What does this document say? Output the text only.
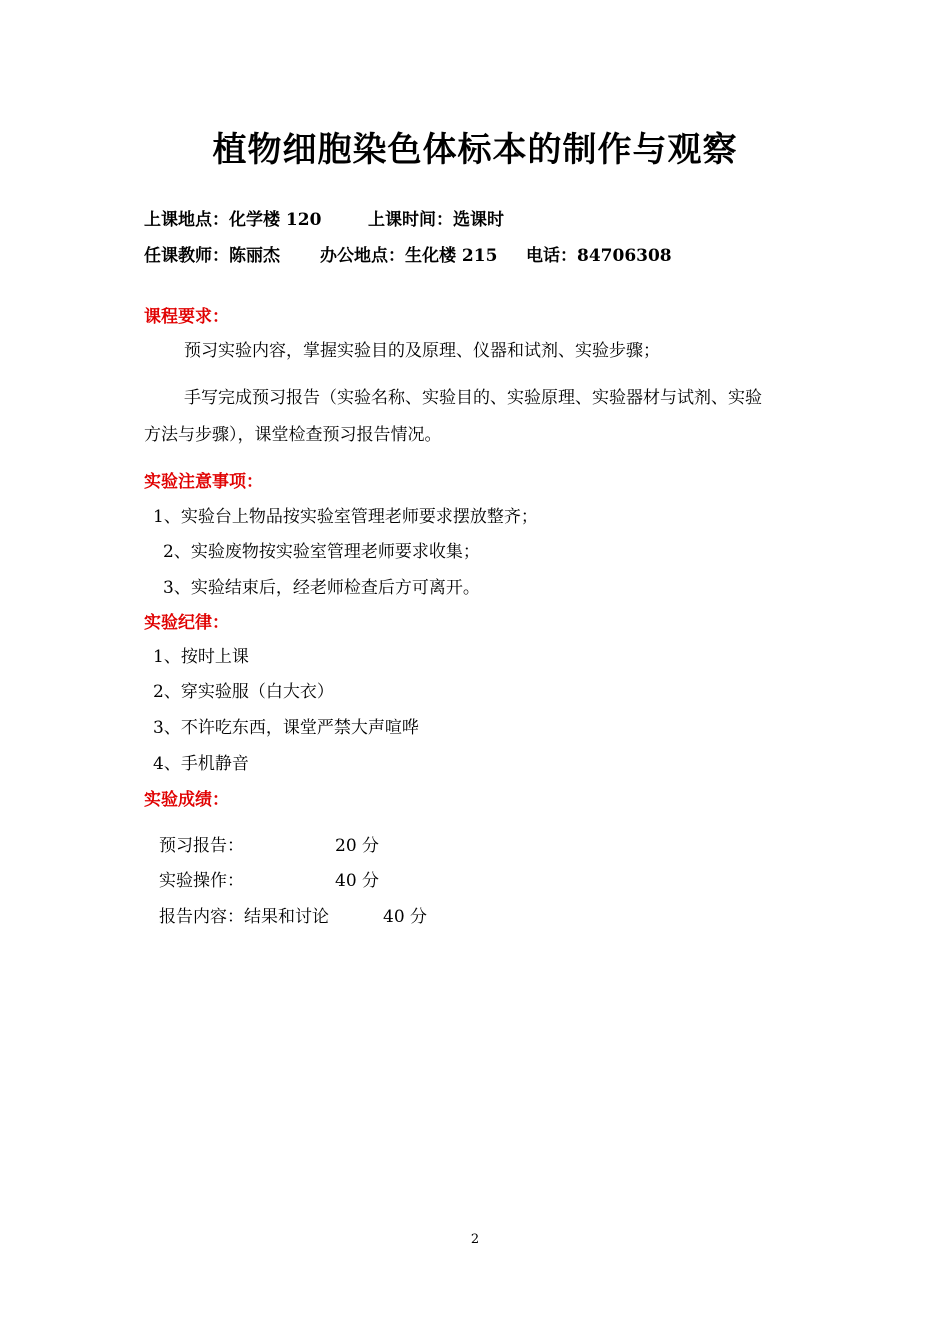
植物细胞染色体标本的制作与观察
上课地点：化学楼 120	上课时间：选课时
任课教师：陈丽杰 办公地点：生化楼 215 电话：84706308
课程要求：
预习实验内容，掌握实验目的及原理、仪器和试剂、实验步骤；
手写完成预习报告（实验名称、实验目的、实验原理、实验器材与试剂、实验
方法与步骤），课堂检查预习报告情况。
实验注意事项：
1、实验台上物品按实验室管理老师要求摆放整齐；
2、实验废物按实验室管理老师要求收集；
3、实验结束后，经老师检查后方可离开。
实验纪律：
1、按时上课
2、穿实验服（白大衣）
3、不许吃东西，课堂严禁大声喧哗
4、手机静音
实验成绩：
预习报告：	20 分
实验操作：	40 分
报告内容：结果和讨论	40 分
2
